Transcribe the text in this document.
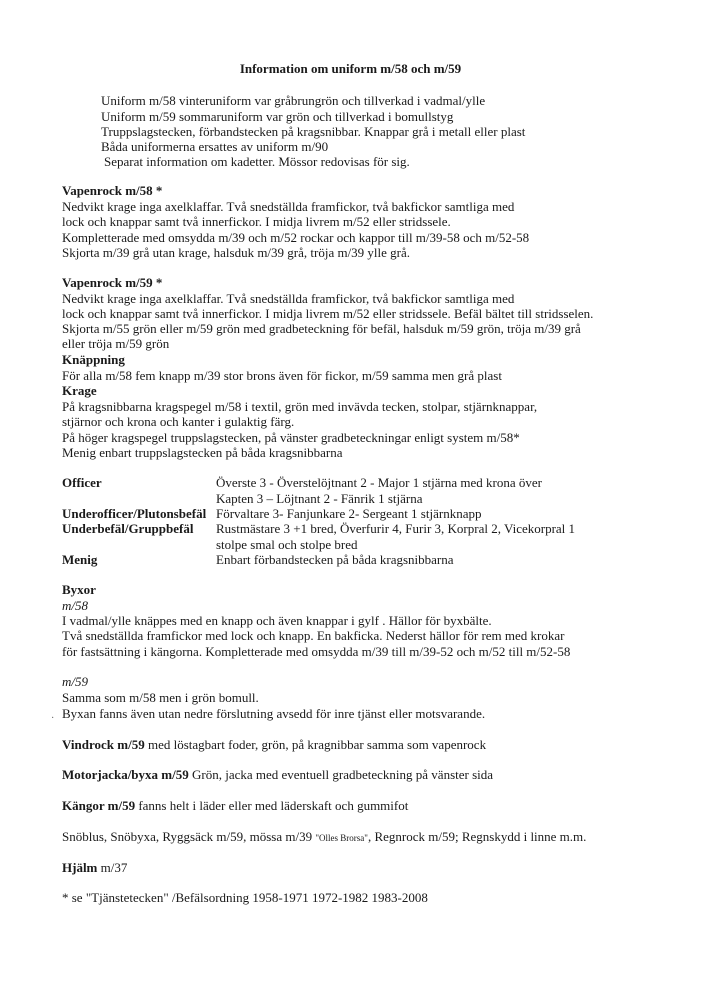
Information om uniform m/58 och m/59
Uniform m/58 vinteruniform var gråbrungrön och tillverkad i vadmal/ylle
Uniform m/59 sommaruniform var grön och tillverkad i bomullstyg
Truppslagstecken, förbandstecken på kragsnibbar. Knappar grå i metall eller plast
Båda uniformerna ersattes av uniform m/90
Separat information om kadetter. Mössor redovisas för sig.
Vapenrock m/58 *
Nedvikt krage inga axelklaffar. Två snedställda framfickor, två bakfickor samtliga med
lock och knappar samt två innerfickor. I midja livrem m/52 eller stridssele.
Kompletterade med omsydda m/39 och m/52 rockar och kappor till m/39-58 och m/52-58
Skjorta m/39 grå utan krage, halsduk m/39 grå, tröja m/39 ylle grå.
Vapenrock m/59 *
Nedvikt krage inga axelklaffar. Två snedställda framfickor, två bakfickor samtliga med
lock och knappar samt två innerfickor. I midja livrem m/52 eller stridssele. Befäl bältet till stridsselen.
Skjorta m/55 grön eller m/59 grön med gradbeteckning för befäl, halsduk m/59 grön, tröja m/39 grå
eller tröja m/59 grön
Knäppning
För alla m/58 fem knapp m/39 stor brons även för fickor, m/59 samma men grå plast
Krage
På kragsnibbarna kragspegel m/58 i textil, grön med invävda tecken, stolpar, stjärnknappar,
stjärnor och krona och kanter i gulaktig färg.
På höger kragspegel truppslagstecken, på vänster gradbeteckningar enligt system m/58*
Menig enbart truppslagstecken på båda kragsnibbarna
Officer	Överste 3 - Överstelöjtnant 2 - Major 1 stjärna med krona över
Kapten 3 – Löjtnant 2 - Fänrik 1 stjärna
Underofficer/Plutonsbefäl Förvaltare 3- Fanjunkare 2- Sergeant 1 stjärnknapp
Underbefäl/Gruppbefäl Rustmästare 3 +1 bred, Överfurir 4, Furir 3, Korpral 2, Vicekorpral 1
stolpe smal och stolpe bred
Menig	Enbart förbandstecken på båda kragsnibbarna
Byxor
m/58
I vadmal/ylle knäppes med en knapp och även knappar i gylf . Hällor för byxbälte.
Två snedställda framfickor med lock och knapp. En bakficka. Nederst hällor för rem med krokar
för fastsättning i kängorna. Kompletterade med omsydda m/39 till m/39-52 och m/52 till m/52-58
m/59
Samma som m/58 men i grön bomull.
· Byxan fanns även utan nedre förslutning avsedd för inre tjänst eller motsvarande.
Vindrock m/59 med löstagbart foder, grön, på kragnibbar samma som vapenrock
Motorjacka/byxa m/59 Grön, jacka med eventuell gradbeteckning på vänster sida
Kängor m/59 fanns helt i läder eller med läderskaft och gummifot
Snöblus, Snöbyxa, Ryggsäck m/59, mössa m/39 "Olles Brorsa", Regnrock m/59; Regnskydd i linne m.m.
Hjälm m/37
* se "Tjänstetecken" /Befälsordning 1958-1971 1972-1982 1983-2008
